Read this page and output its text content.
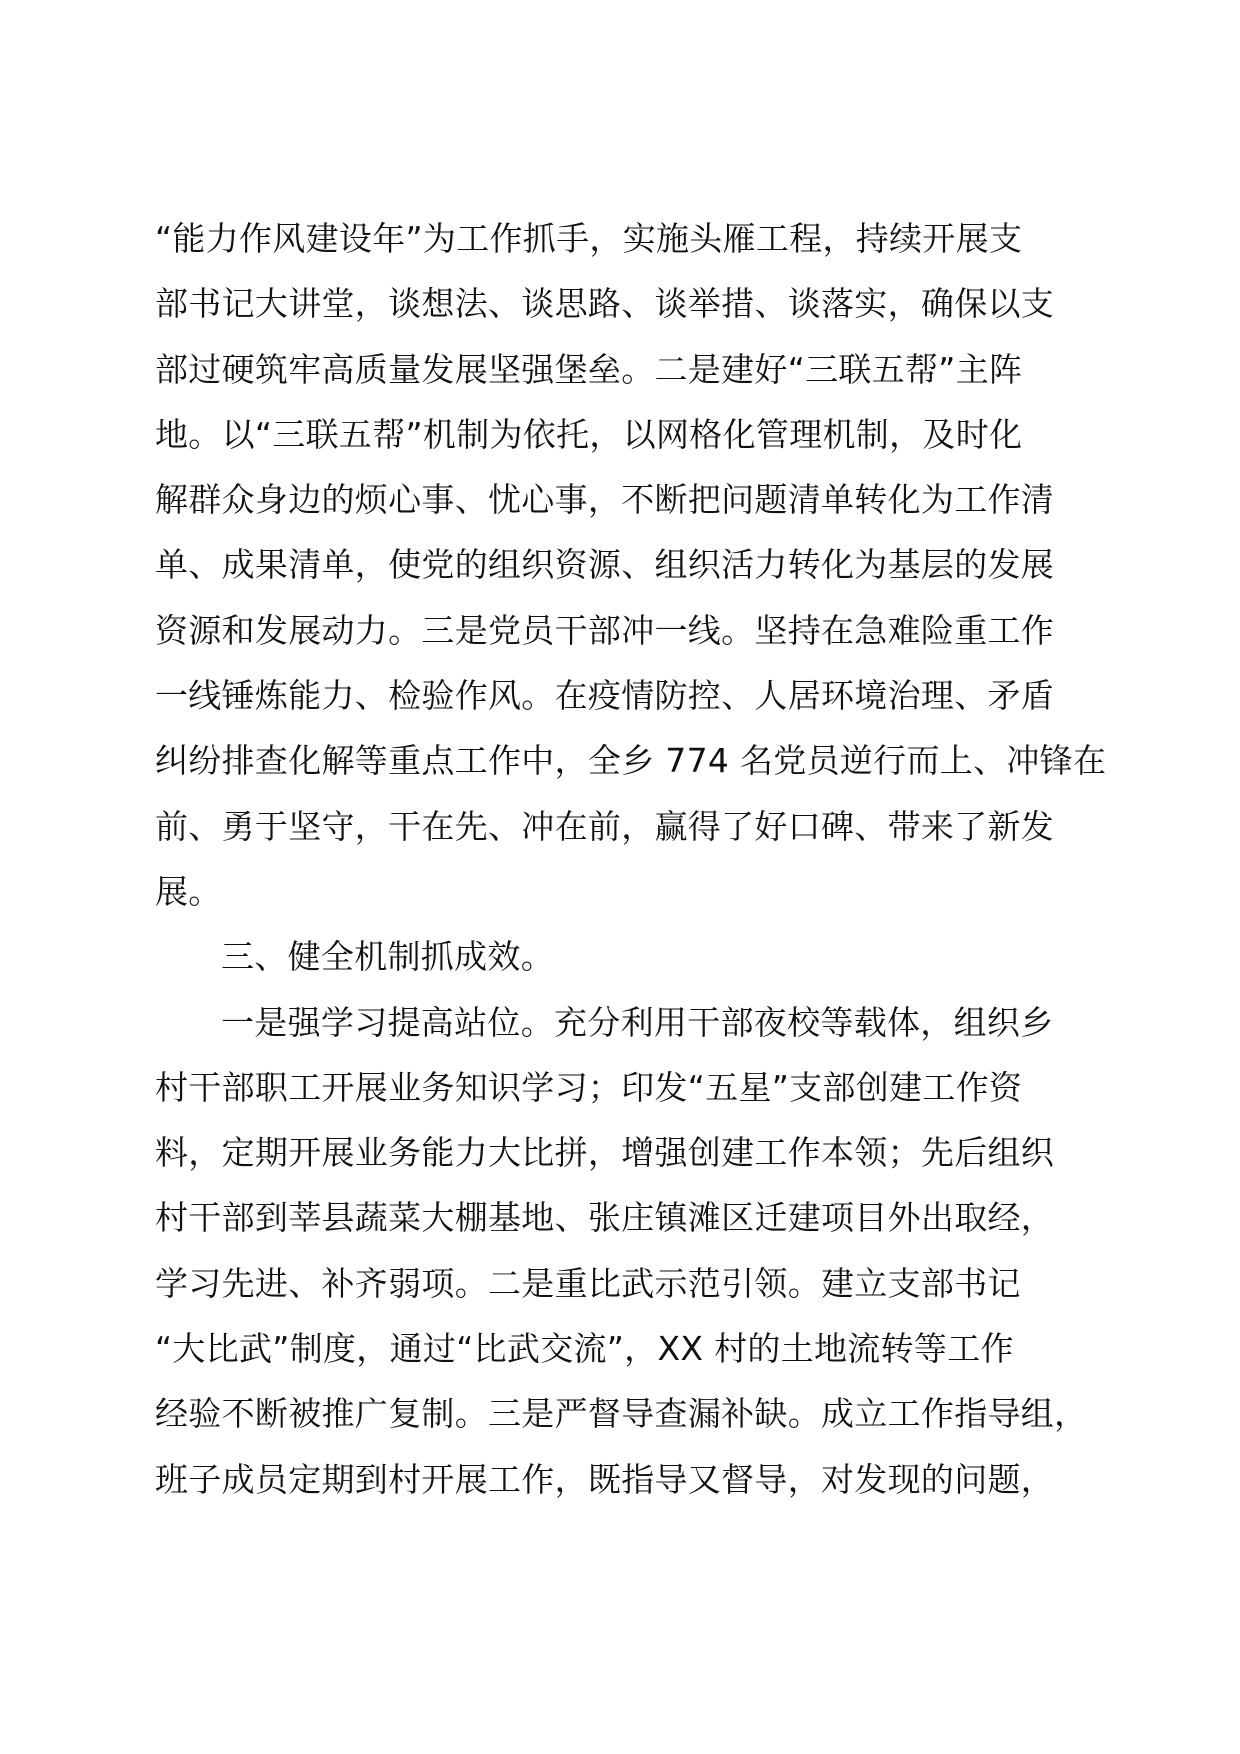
“能力作风建设年”为工作抓手，实施头雁工程，持续开展支
部书记大讲堂，谈想法、谈思路、谈举措、谈落实，确保以支
部过硬筑牢高质量发展坚强堡垒。二是建好“三联五帮”主阵
地。以“三联五帮”机制为依托，以网格化管理机制，及时化
解群众身边的烦心事、忧心事，不断把问题清单转化为工作清
单、成果清单，使党的组织资源、组织活力转化为基层的发展
资源和发展动力。三是党员干部冲一线。坚持在急难险重工作
一线锤炼能力、检验作风。在疫情防控、人居环境治理、矛盾
纠纷排查化解等重点工作中，全乡 774 名党员逆行而上、冲锋在
前、勇于坚守，干在先、冲在前，赢得了好口碑、带来了新发
展。
三、健全机制抓成效。
一是强学习提高站位。充分利用干部夜校等载体，组织乡
村干部职工开展业务知识学习；印发“五星”支部创建工作资
料，定期开展业务能力大比拼，增强创建工作本领；先后组织
村干部到莘县蔬菜大棚基地、张庄镇滩区迁建项目外出取经，
学习先进、补齐弱项。二是重比武示范引领。建立支部书记
“大比武”制度，通过“比武交流”，XX 村的土地流转等工作
经验不断被推广复制。三是严督导查漏补缺。成立工作指导组，
班子成员定期到村开展工作，既指导又督导，对发现的问题，
